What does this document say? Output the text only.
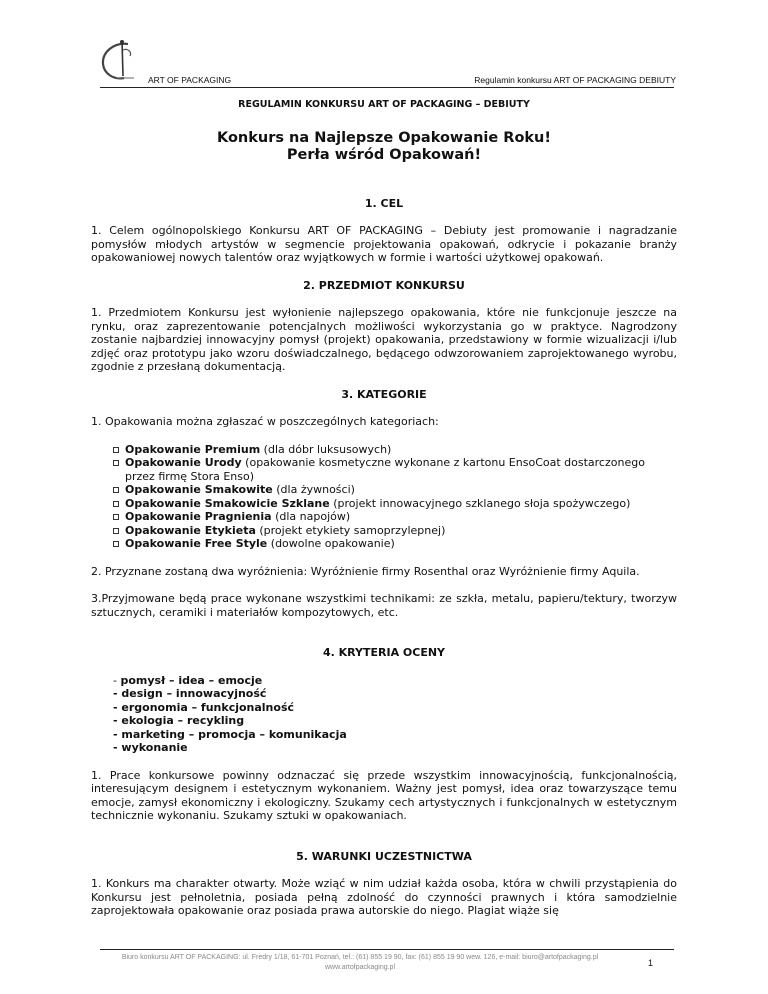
ART OF PACKAGING	Regulamin konkursu ART OF PACKAGING DEBIUTY
REGULAMIN KONKURSU ART OF PACKAGING – DEBIUTY
Konkurs na Najlepsze Opakowanie Roku!
Perła wśród Opakowań!
1. CEL

1. Celem ogólnopolskiego Konkursu ART OF PACKAGING – Debiuty jest promowanie i nagradzanie pomysłów młodych artystów w segmencie projektowania opakowań, odkrycie i pokazanie branży opakowaniowej nowych talentów oraz wyjątkowych w formie i wartości użytkowej opakowań.

2. PRZEDMIOT KONKURSU

1. Przedmiotem Konkursu jest wyłonienie najlepszego opakowania, które nie funkcjonuje jeszcze na rynku, oraz zaprezentowanie potencjalnych możliwości wykorzystania go w praktyce. Nagrodzony zostanie najbardziej innowacyjny pomysł (projekt) opakowania, przedstawiony w formie wizualizacji i/lub zdjęć oraz prototypu jako wzoru doświadczalnego, będącego odwzorowaniem zaprojektowanego wyrobu, zgodnie z przesłaną dokumentacją.

3. KATEGORIE

1. Opakowania można zgłaszać w poszczególnych kategoriach:

Opakowanie Premium (dla dóbr luksusowych)
Opakowanie Urody (opakowanie kosmetyczne wykonane z kartonu EnsoCoat dostarczonego przez firmę Stora Enso)
Opakowanie Smakowite (dla żywności)
Opakowanie Smakowicie Szklane (projekt innowacyjnego szklanego słoja spożywczego)
Opakowanie Pragnienia (dla napojów)
Opakowanie Etykieta (projekt etykiety samoprzylepnej)
Opakowanie Free Style (dowolne opakowanie)

2. Przyznane zostaną dwa wyróżnienia: Wyróżnienie firmy Rosenthal oraz Wyróżnienie firmy Aquila.

3.Przyjmowane będą prace wykonane wszystkimi technikami: ze szkła, metalu, papieru/tektury, tworzyw sztucznych, ceramiki i materiałów kompozytowych, etc.

4. KRYTERIA OCENY
- pomysł – idea – emocje
- design – innowacyjność
- ergonomia – funkcjonalność
- ekologia – recykling
- marketing – promocja – komunikacja
- wykonanie

1. Prace konkursowe powinny odznaczać się przede wszystkim innowacyjnością, funkcjonalnością, interesującym designem i estetycznym wykonaniem. Ważny jest pomysł, idea oraz towarzyszące temu emocje, zamysł ekonomiczny i ekologiczny. Szukamy cech artystycznych i funkcjonalnych w estetycznym technicznie wykonaniu. Szukamy sztuki w opakowaniach.

5. WARUNKI UCZESTNICTWA

1. Konkurs ma charakter otwarty. Może wziąć w nim udział każda osoba, która w chwili przystąpienia do Konkursu jest pełnoletnia, posiada pełną zdolność do czynności prawnych i która samodzielnie zaprojektowała opakowanie oraz posiada prawa autorskie do niego. Plagiat wiąże się

Biuro konkursu ART OF PACKAGING: ul. Fredry 1/18, 61-701 Poznań, tel.: (61) 855 19 90, fax: (61) 855 19 90 wew. 126, e-mail: biuro@artofpackaging.pl
www.artofpackaging.pl	1
